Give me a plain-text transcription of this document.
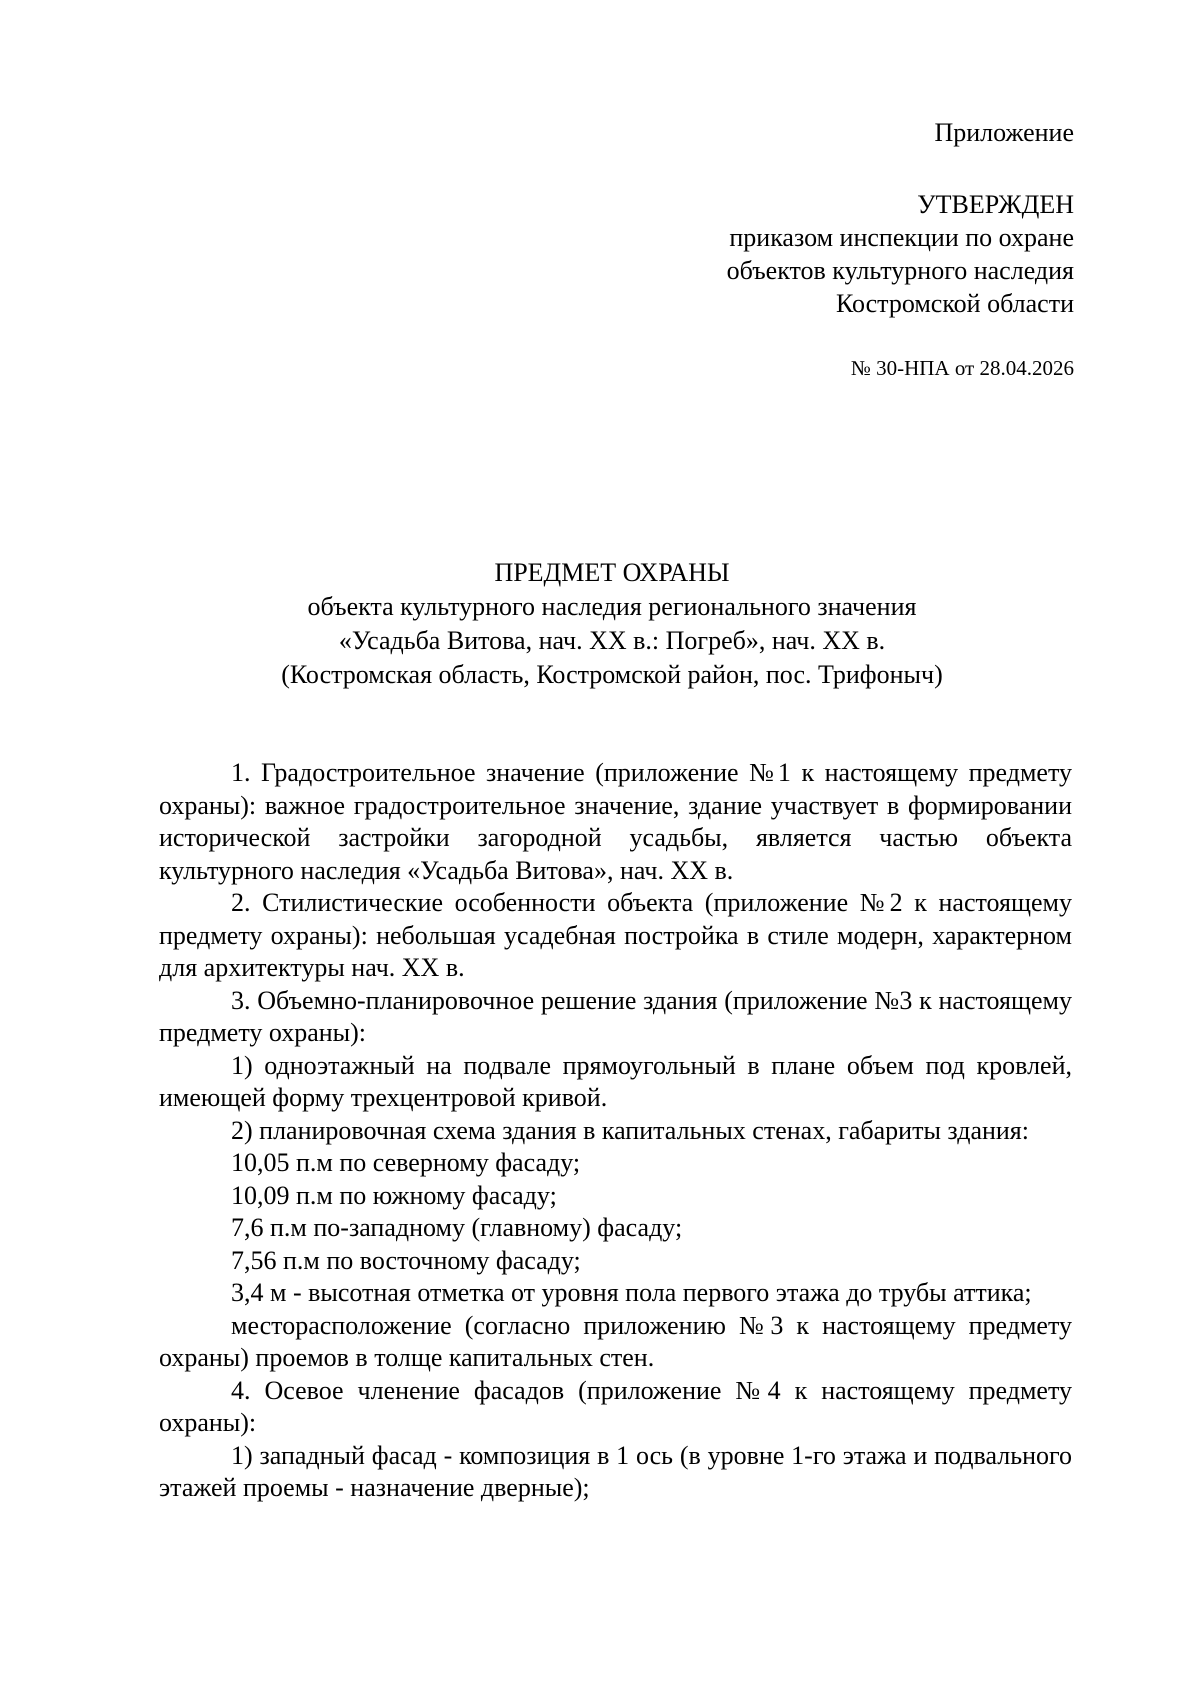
Приложение
УТВЕРЖДЕН
приказом инспекции по охране
объектов культурного наследия
Костромской области
№ 30-НПА от 28.04.2026
ПРЕДМЕТ ОХРАНЫ
объекта культурного наследия регионального значения
«Усадьба Витова, нач. XX в.: Погреб», нач. XX в.
(Костромская область, Костромской район, пос. Трифоныч)

1. Градостроительное значение (приложение №1 к настоящему предмету охраны): важное градостроительное значение, здание участвует в формировании исторической застройки загородной усадьбы, является частью объекта культурного наследия «Усадьба Витова», нач. XX в.

2. Стилистические особенности объекта (приложение №2 к настоящему предмету охраны): небольшая усадебная постройка в стиле модерн, характерном для архитектуры нач. XX в.

3. Объемно-планировочное решение здания (приложение №3 к настоящему предмету охраны):

1) одноэтажный на подвале прямоугольный в плане объем под кровлей, имеющей форму трехцентровой кривой.

2) планировочная схема здания в капитальных стенах, габариты здания:

10,05 п.м по северному фасаду;

10,09 п.м по южному фасаду;

7,6 п.м по-западному (главному) фасаду;

7,56 п.м по восточному фасаду;

3,4 м - высотная отметка от уровня пола первого этажа до трубы аттика;

месторасположение (согласно приложению №3 к настоящему предмету охраны) проемов в толще капитальных стен.

4. Осевое членение фасадов (приложение №4 к настоящему предмету охраны):

1) западный фасад - композиция в 1 ось (в уровне 1-го этажа и подвального этажей проемы - назначение дверные);
